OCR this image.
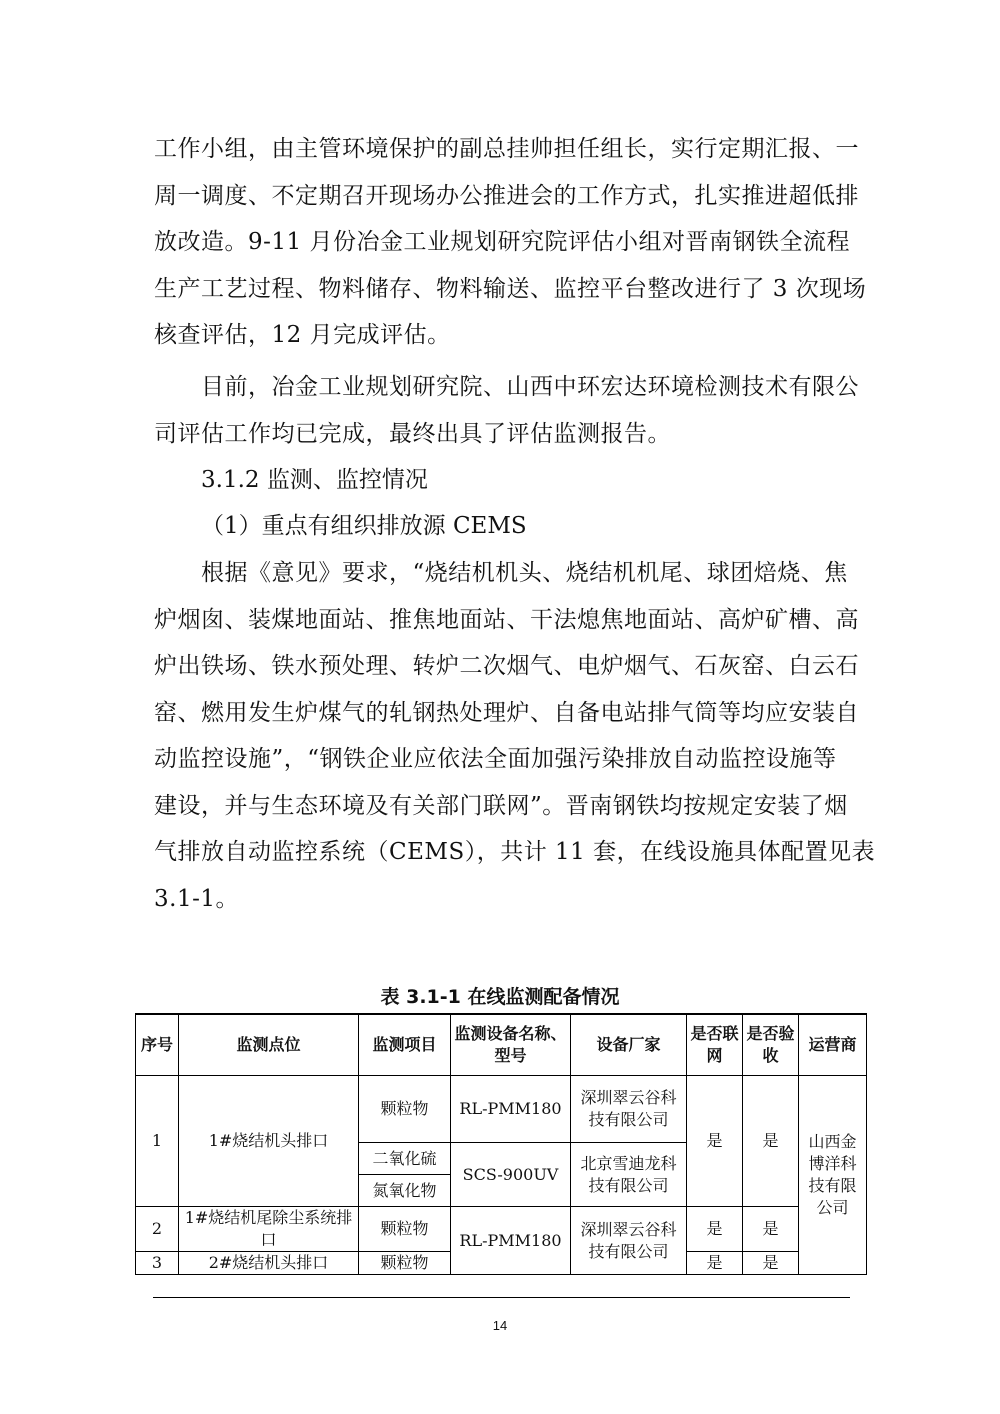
工作小组，由主管环境保护的副总挂帅担任组长，实行定期汇报、一
周一调度、不定期召开现场办公推进会的工作方式，扎实推进超低排
放改造。9-11 月份冶金工业规划研究院评估小组对晋南钢铁全流程
生产工艺过程、物料储存、物料输送、监控平台整改进行了 3 次现场
核查评估，12 月完成评估。
目前，冶金工业规划研究院、山西中环宏达环境检测技术有限公
司评估工作均已完成，最终出具了评估监测报告。

3.1.2 监测、监控情况

（1）重点有组织排放源 CEMS

根据《意见》要求，“烧结机机头、烧结机机尾、球团焙烧、焦
炉烟囱、装煤地面站、推焦地面站、干法熄焦地面站、高炉矿槽、高
炉出铁场、铁水预处理、转炉二次烟气、电炉烟气、石灰窑、白云石
窑、燃用发生炉煤气的轧钢热处理炉、自备电站排气筒等均应安装自
动监控设施”，“钢铁企业应依法全面加强污染排放自动监控设施等
建设，并与生态环境及有关部门联网”。晋南钢铁均按规定安装了烟
气排放自动监控系统（CEMS），共计 11 套，在线设施具体配置见表
3.1-1。
表 3.1-1 在线监测配备情况
序号	监测点位	监测项目	监测设备名称、型号	设备厂家	是否联网	是否验收	运营商
1	1#烧结机头排口	颗粒物	RL-PMM180	深圳翠云谷科技有限公司	是	是	山西金博洋科技有限公司
		二氧化硫	SCS-900UV	北京雪迪龙科技有限公司			
		氮氧化物					
2	1#烧结机尾除尘系统排口	颗粒物	RL-PMM180	深圳翠云谷科技有限公司	是	是	
3	2#烧结机头排口	颗粒物			是	是	
14
